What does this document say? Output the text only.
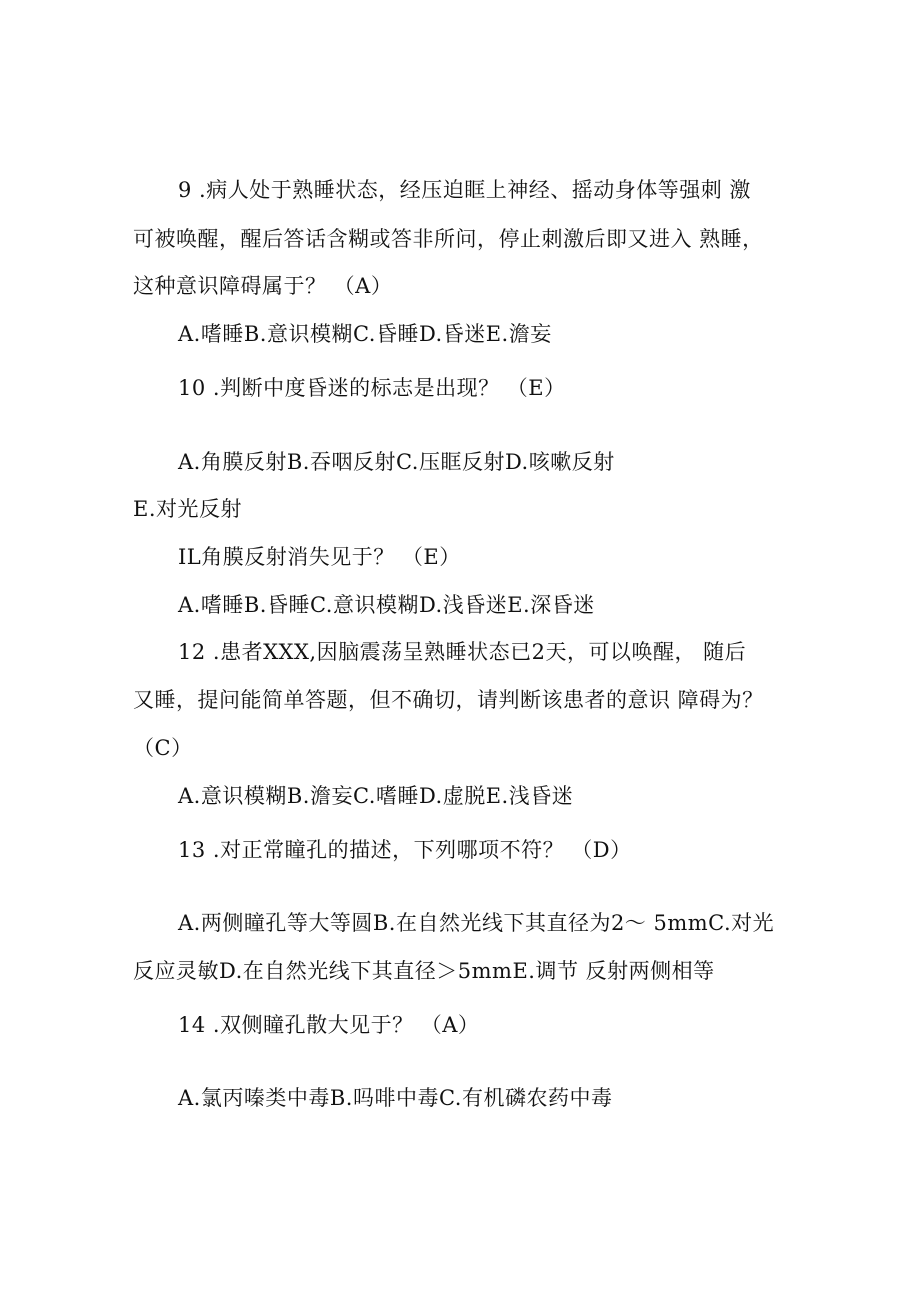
9 .病人处于熟睡状态，经压迫眶上神经、摇动身体等强刺 激
可被唤醒，醒后答话含糊或答非所问，停止刺激后即又进入 熟睡，
这种意识障碍属于？ （A）
A.嗜睡B.意识模糊C.昏睡D.昏迷E.澹妄
10 .判断中度昏迷的标志是出现？ （E）
A.角膜反射B.吞咽反射C.压眶反射D.咳嗽反射
E.对光反射
IL角膜反射消失见于？ （E）
A.嗜睡B.昏睡C.意识模糊D.浅昏迷E.深昏迷
12 .患者XXX,因脑震荡呈熟睡状态已2天，可以唤醒， 随后
又睡，提问能简单答题，但不确切，请判断该患者的意识 障碍为？
（C）
A.意识模糊B.澹妄C.嗜睡D.虚脱E.浅昏迷
13 .对正常瞳孔的描述，下列哪项不符？ （D）
A.两侧瞳孔等大等圆B.在自然光线下其直径为2〜 5mmC.对光
反应灵敏D.在自然光线下其直径＞5mmE.调节 反射两侧相等
14 .双侧瞳孔散大见于？ （A）
A.氯丙嗪类中毒B.吗啡中毒C.有机磷农药中毒
